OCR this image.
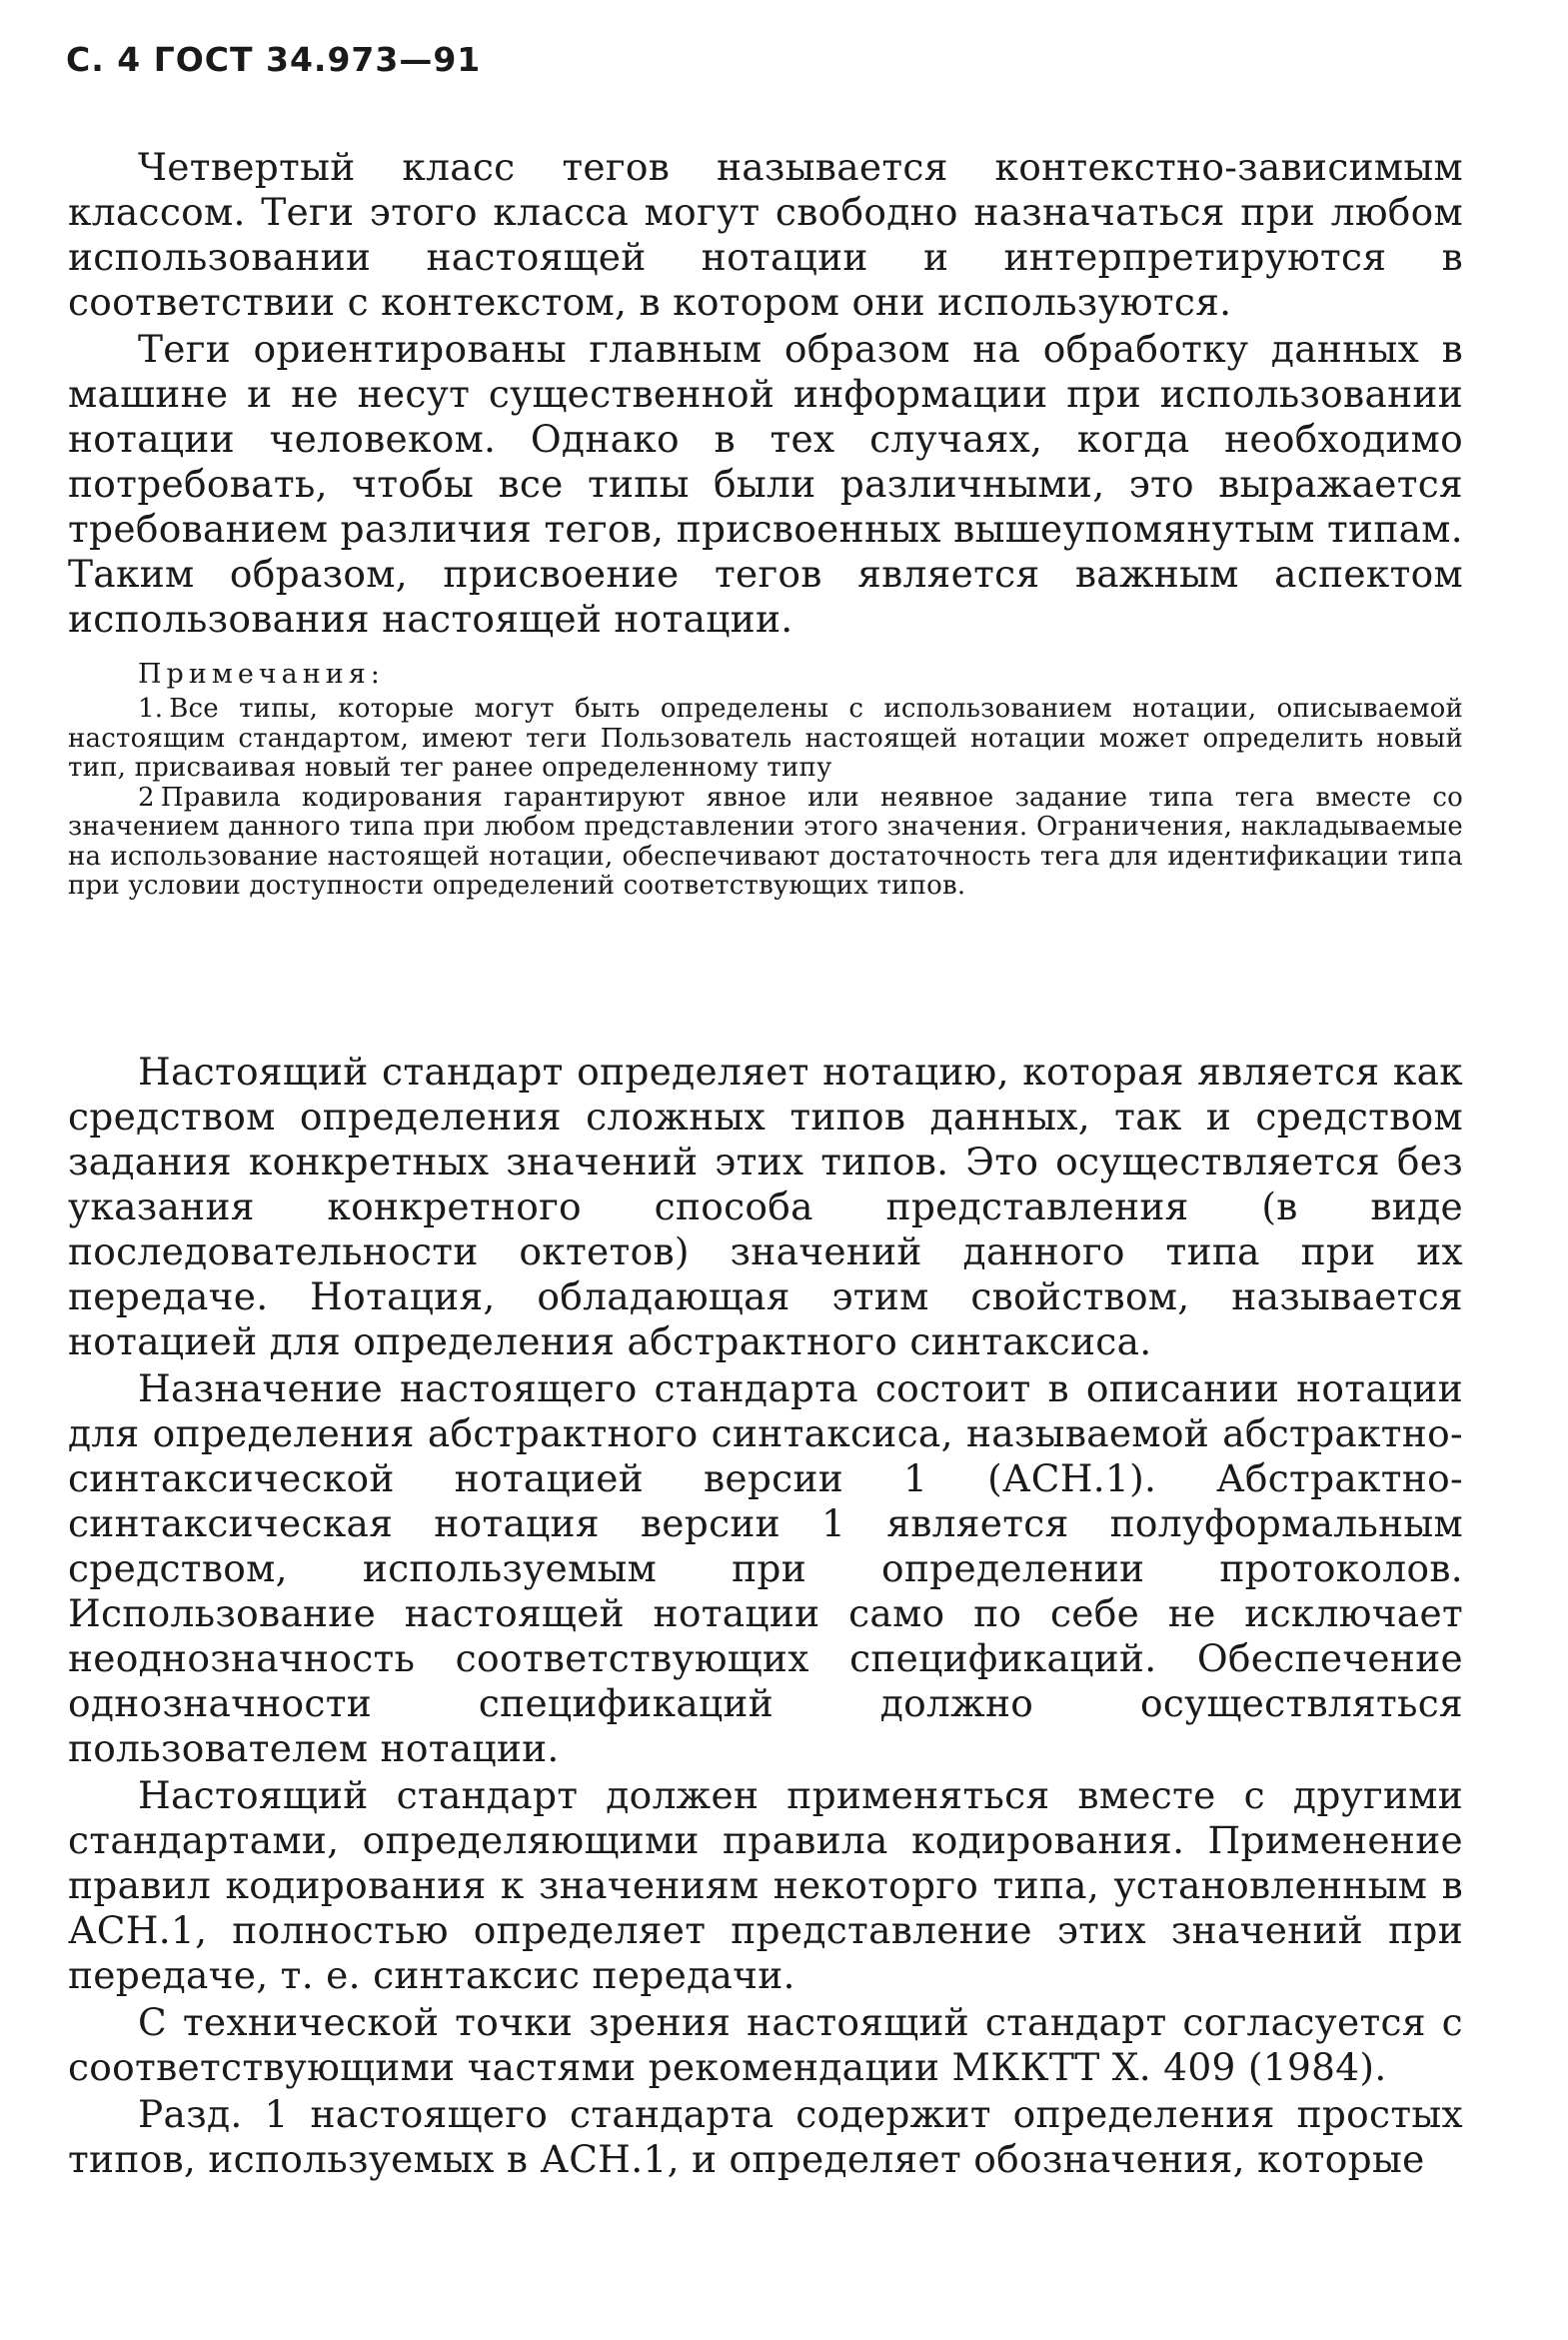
С. 4 ГОСТ 34.973—91

Четвертый класс тегов называется контекстно-зависимым классом. Теги этого класса могут свободно назначаться при любом использовании настоящей нотации и интерпретируются в соответствии с контекстом, в котором они используются.

Теги ориентированы главным образом на обработку данных в машине и не несут существенной информации при использовании нотации человеком. Однако в тех случаях, когда необходимо потребовать, чтобы все типы были различными, это выражается требованием различия тегов, присвоенных вышеупомянутым типам. Таким образом, присвоение тегов является важным аспектом использования настоящей нотации.

Примечания:

1. Все типы, которые могут быть определены с использованием нотации, описываемой настоящим стандартом, имеют теги Пользователь настоящей нотации может определить новый тип, присваивая новый тег ранее определенному типу

2 Правила кодирования гарантируют явное или неявное задание типа тега вместе со значением данного типа при любом представлении этого значения. Ограничения, накладываемые на использование настоящей нотации, обеспечивают достаточность тега для идентификации типа при условии доступности определений соответствующих типов.

Настоящий стандарт определяет нотацию, которая является как средством определения сложных типов данных, так и средством задания конкретных значений этих типов. Это осуществляется без указания конкретного способа представления (в виде последовательности октетов) значений данного типа при их передаче. Нотация, обладающая этим свойством, называется нотацией для определения абстрактного синтаксиса.

Назначение настоящего стандарта состоит в описании нотации для определения абстрактного синтаксиса, называемой абстрактно-синтаксической нотацией версии 1 (АСН.1). Абстрактно-синтаксическая нотация версии 1 является полуформальным средством, используемым при определении протоколов. Использование настоящей нотации само по себе не исключает неоднозначность соответствующих спецификаций. Обеспечение однозначности спецификаций должно осуществляться пользователем нотации.

Настоящий стандарт должен применяться вместе с другими стандартами, определяющими правила кодирования. Применение правил кодирования к значениям некоторго типа, установленным в АСН.1, полностью определяет представление этих значений при передаче, т. е. синтаксис передачи.

С технической точки зрения настоящий стандарт согласуется с соответствующими частями рекомендации МККТТ Х. 409 (1984).

Разд. 1 настоящего стандарта содержит определения простых типов, используемых в АСН.1, и определяет обозначения, которые
